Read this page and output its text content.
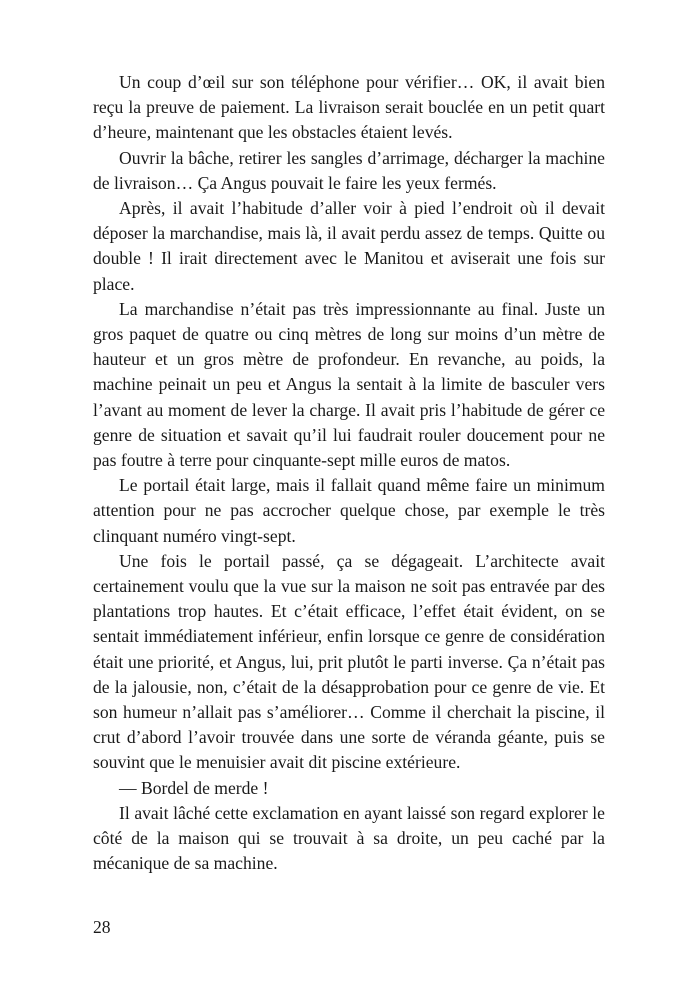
Un coup d’œil sur son téléphone pour vérifier… OK, il avait bien reçu la preuve de paiement. La livraison serait bouclée en un petit quart d’heure, maintenant que les obstacles étaient levés.

Ouvrir la bâche, retirer les sangles d’arrimage, décharger la machine de livraison… Ça Angus pouvait le faire les yeux fermés.

Après, il avait l’habitude d’aller voir à pied l’endroit où il devait déposer la marchandise, mais là, il avait perdu assez de temps. Quitte ou double ! Il irait directement avec le Manitou et aviserait une fois sur place.

La marchandise n’était pas très impressionnante au final. Juste un gros paquet de quatre ou cinq mètres de long sur moins d’un mètre de hauteur et un gros mètre de profondeur. En revanche, au poids, la machine peinait un peu et Angus la sentait à la limite de basculer vers l’avant au moment de lever la charge. Il avait pris l’habitude de gérer ce genre de situation et savait qu’il lui faudrait rouler doucement pour ne pas foutre à terre pour cinquante-sept mille euros de matos.

Le portail était large, mais il fallait quand même faire un minimum attention pour ne pas accrocher quelque chose, par exemple le très clinquant numéro vingt-sept.

Une fois le portail passé, ça se dégageait. L’architecte avait certainement voulu que la vue sur la maison ne soit pas entravée par des plantations trop hautes. Et c’était efficace, l’effet était évident, on se sentait immédiatement inférieur, enfin lorsque ce genre de considération était une priorité, et Angus, lui, prit plutôt le parti inverse. Ça n’était pas de la jalousie, non, c’était de la désapprobation pour ce genre de vie. Et son humeur n’allait pas s’améliorer… Comme il cherchait la piscine, il crut d’abord l’avoir trouvée dans une sorte de véranda géante, puis se souvint que le menuisier avait dit piscine extérieure.

— Bordel de merde !

Il avait lâché cette exclamation en ayant laissé son regard explorer le côté de la maison qui se trouvait à sa droite, un peu caché par la mécanique de sa machine.

28
